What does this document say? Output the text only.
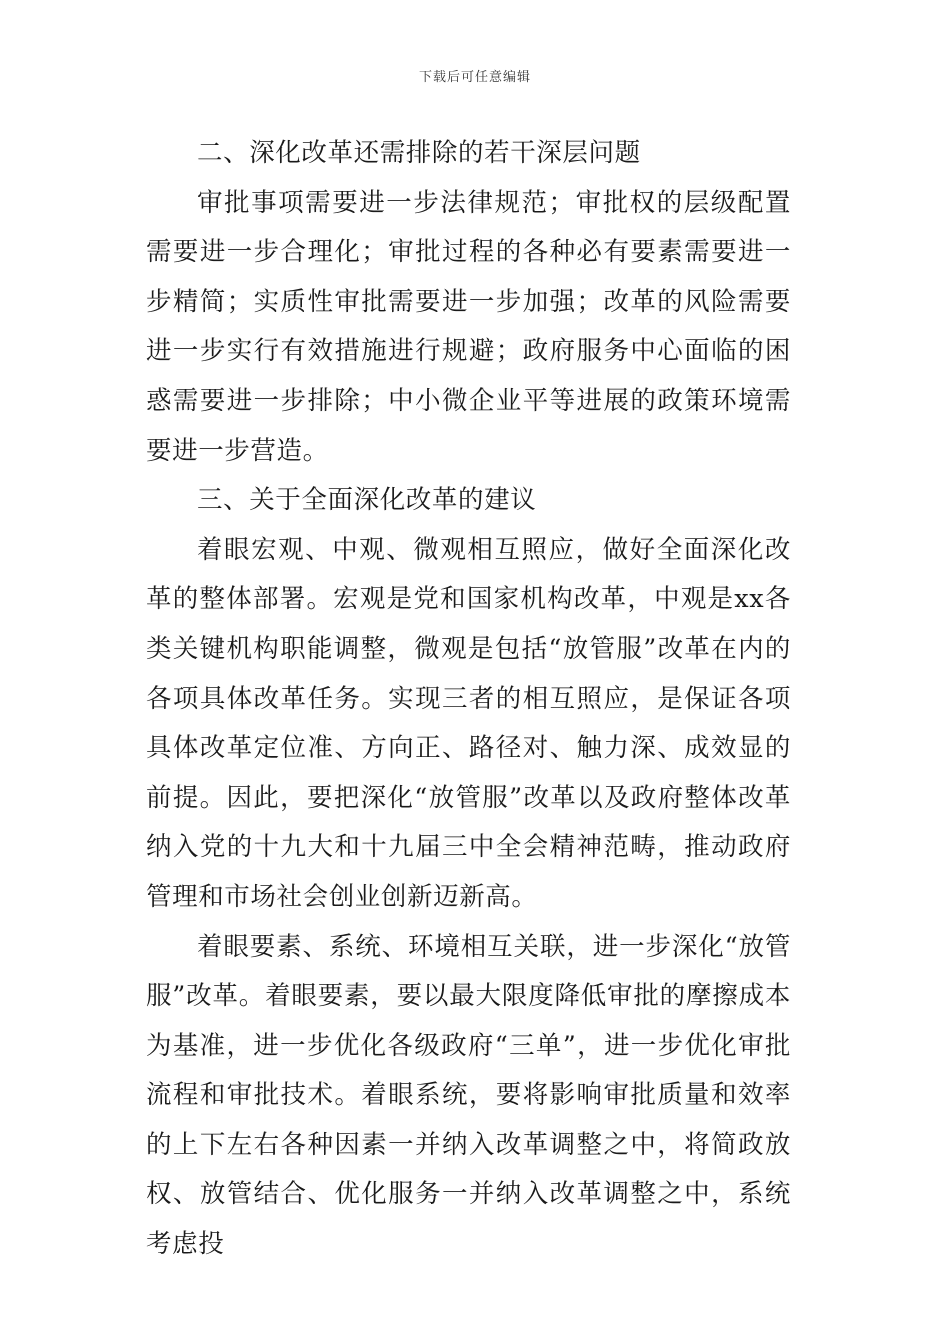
下载后可任意编辑

二、深化改革还需排除的若干深层问题

审批事项需要进一步法律规范；审批权的层级配置需要进一步合理化；审批过程的各种必有要素需要进一步精简；实质性审批需要进一步加强；改革的风险需要进一步实行有效措施进行规避；政府服务中心面临的困惑需要进一步排除；中小微企业平等进展的政策环境需要进一步营造。

三、关于全面深化改革的建议

着眼宏观、中观、微观相互照应，做好全面深化改革的整体部署。宏观是党和国家机构改革，中观是xx各类关键机构职能调整，微观是包括“放管服”改革在内的各项具体改革任务。实现三者的相互照应，是保证各项具体改革定位准、方向正、路径对、触力深、成效显的前提。因此，要把深化“放管服”改革以及政府整体改革纳入党的十九大和十九届三中全会精神范畴，推动政府管理和市场社会创业创新迈新高。

着眼要素、系统、环境相互关联，进一步深化“放管服”改革。着眼要素，要以最大限度降低审批的摩擦成本为基准，进一步优化各级政府“三单”，进一步优化审批流程和审批技术。着眼系统，要将影响审批质量和效率的上下左右各种因素一并纳入改革调整之中，将简政放权、放管结合、优化服务一并纳入改革调整之中，系统考虑投
